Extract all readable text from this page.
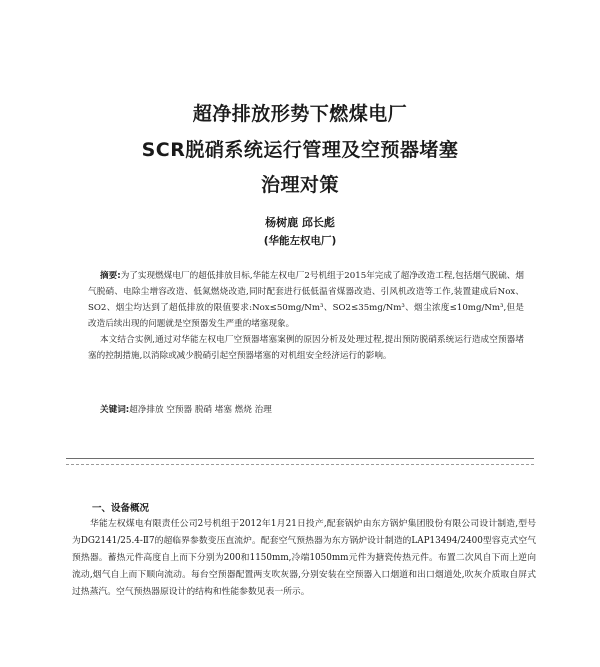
超净排放形势下燃煤电厂
SCR脱硝系统运行管理及空预器堵塞
治理对策
杨树鹿 邱长彪
(华能左权电厂)

摘要:为了实现燃煤电厂的超低排放目标,华能左权电厂2号机组于2015年完成了超净改造工程,包括烟气脱硫、烟气脱硝、电除尘增容改造、低氮燃烧改造,同时配套进行低低温省煤器改造、引风机改造等工作,装置建成后Nox、SO2、烟尘均达到了超低排放的限值要求:Nox≤50mg/Nm³、SO2≤35mg/Nm³、烟尘浓度≤10mg/Nm³,但是改造后续出现的问题就是空预器发生严重的堵塞现象。

本文结合实例,通过对华能左权电厂空预器堵塞案例的原因分析及处理过程,提出预防脱硝系统运行造成空预器堵塞的控制措施,以消除或减少脱硝引起空预器堵塞的对机组安全经济运行的影响。

关键词:超净排放 空预器 脱硝 堵塞 燃烧 治理
一、设备概况

华能左权煤电有限责任公司2号机组于2012年1月21日投产,配套锅炉由东方锅炉集团股份有限公司设计制造,型号为DG2141/25.4-Ⅱ7的超临界参数变压直流炉。配套空气预热器为东方锅炉设计制造的LAP13494/2400型容克式空气预热器。蓄热元件高度自上而下分别为200和1150mm,冷端1050mm元件为搪瓷传热元件。布置二次风自下而上逆向流动,烟气自上而下顺向流动。每台空预器配置两支吹灰器,分别安装在空预器入口烟道和出口烟道处,吹灰介质取自屏式过热蒸汽。空气预热器原设计的结构和性能参数见表一所示。
